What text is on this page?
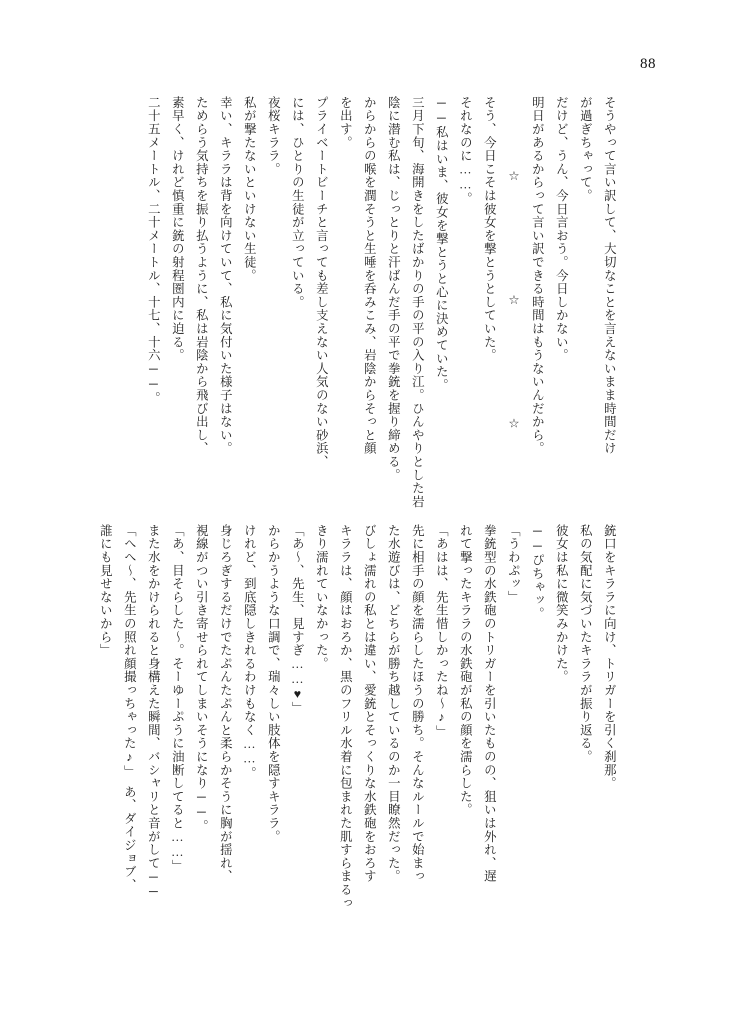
88

そうやって言い訳して、大切なことを言えないまま時間だけ

が過ぎちゃって。

だけど、うん、今日言おう。今日しかない。

明日があるからって言い訳できる時間はもうないんだから。

☆　　☆　　☆

そう、今日こそは彼女を撃とうとしていた。

それなのに……。

──私はいま、彼女を撃とうと心に決めていた。

三月下旬、海開きをしたばかりの手の平の入り江。ひんやりとした岩

陰に潜む私は、じっとりと汗ばんだ手の平で拳銃を握り締める。

からからの喉を潤そうと生唾を呑みこみ、岩陰からそっと顔

を出す。

プライベートビーチと言っても差し支えない人気のない砂浜、

には、ひとりの生徒が立っている。

夜桜キララ。

私が撃たないといけない生徒。

幸い、キララは背を向けていて、私に気付いた様子はない。

ためらう気持ちを振り払うように、私は岩陰から飛び出し、

素早く、けれど慎重に銃の射程圏内に迫る。

二十五メートル、二十メートル、十七、十六──。

銃口をキララに向け、トリガーを引く刹那。

私の気配に気づいたキララが振り返る。

彼女は私に微笑みかけた。

──ぴちゃッ。

「うわぷッ」

拳銃型の水鉄砲のトリガーを引いたものの、狙いは外れ、遅

れて撃ったキララの水鉄砲が私の顔を濡らした。

「あはは、先生惜しかったね～♪」

先に相手の顔を濡らしたほうの勝ち。そんなルールで始まっ

た水遊びは、どちらが勝ち越しているのか一目瞭然だった。

びしょ濡れの私とは違い、愛銃とそっくりな水鉄砲をおろす

キララは、顔はおろか、黒のフリル水着に包まれた肌すらまるっ

きり濡れていなかった。

「あ～、先生、見すぎ……♥」

からかうような口調で、瑞々しい肢体を隠すキララ。

けれど、到底隠しきれるわけもなく……。

身じろぎするだけでたぷんたぷんと柔らかそうに胸が揺れ、

視線がつい引き寄せられてしまいそうになり──。

「あ、目そらした～。そーゆーぷうに油断してると……」

また水をかけられると身構えた瞬間、バシャリと音がして──

「へへ～、先生の照れ顔撮っちゃった♪」　あ、ダイジョブ、

誰にも見せないから」
